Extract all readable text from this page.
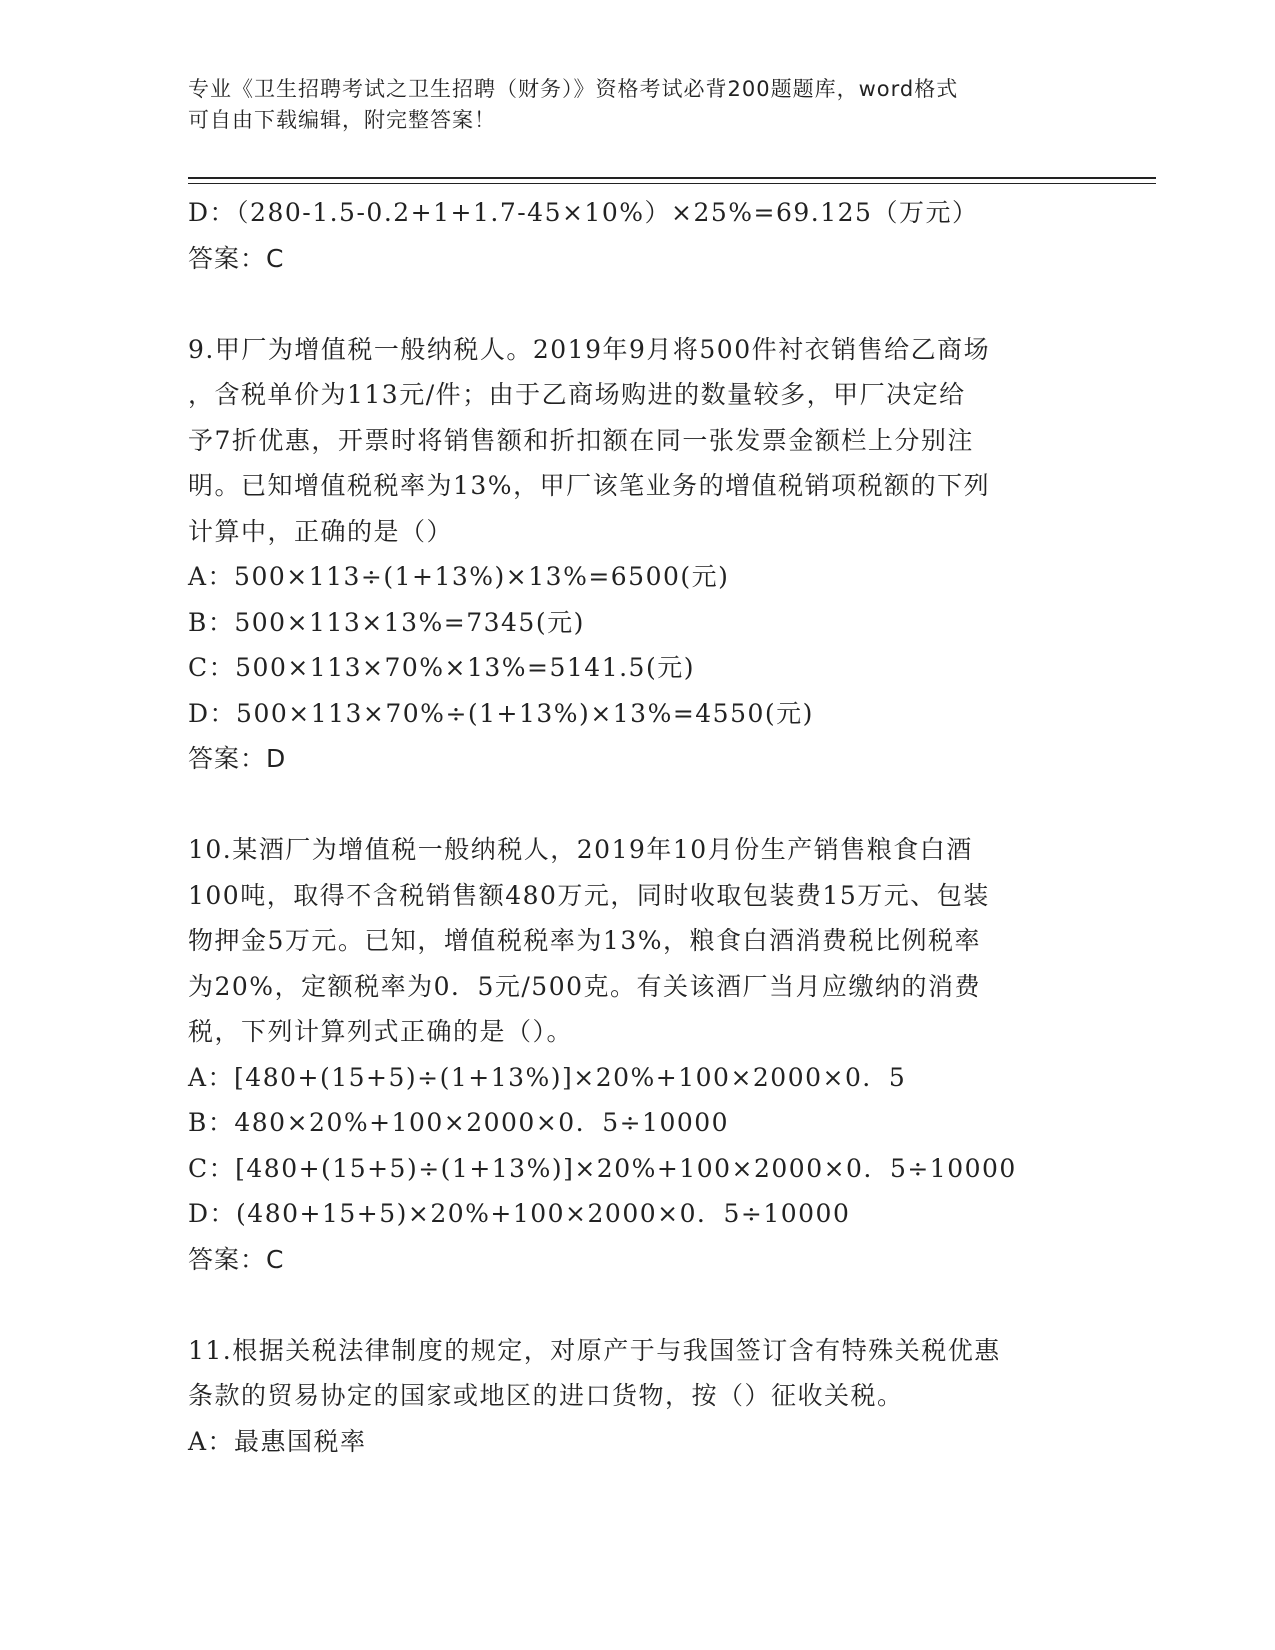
专业《卫生招聘考试之卫生招聘（财务）》资格考试必背200题题库，word格式
可自由下载编辑，附完整答案！
D：（280-1.5-0.2+1+1.7-45×10%）×25%=69.125（万元）
答案：C
9.甲厂为增值税一般纳税人。2019年9月将500件衬衣销售给乙商场
，含税单价为113元/件；由于乙商场购进的数量较多，甲厂决定给
予7折优惠，开票时将销售额和折扣额在同一张发票金额栏上分别注
明。已知增值税税率为13%，甲厂该笔业务的增值税销项税额的下列
计算中，正确的是（）
A：500×113÷(1+13%)×13%=6500(元)
B：500×113×13%=7345(元)
C：500×113×70%×13%=5141.5(元)
D：500×113×70%÷(1+13%)×13%=4550(元)
答案：D
10.某酒厂为增值税一般纳税人，2019年10月份生产销售粮食白酒
100吨，取得不含税销售额480万元，同时收取包装费15万元、包装
物押金5万元。已知，增值税税率为13%，粮食白酒消费税比例税率
为20%，定额税率为0．5元/500克。有关该酒厂当月应缴纳的消费
税，下列计算列式正确的是（）。
A：[480+(15+5)÷(1+13%)]×20%+100×2000×0．5
B：480×20%+100×2000×0．5÷10000
C：[480+(15+5)÷(1+13%)]×20%+100×2000×0．5÷10000
D：(480+15+5)×20%+100×2000×0．5÷10000
答案：C
11.根据关税法律制度的规定，对原产于与我国签订含有特殊关税优惠
条款的贸易协定的国家或地区的进口货物，按（）征收关税。
A：最惠国税率
